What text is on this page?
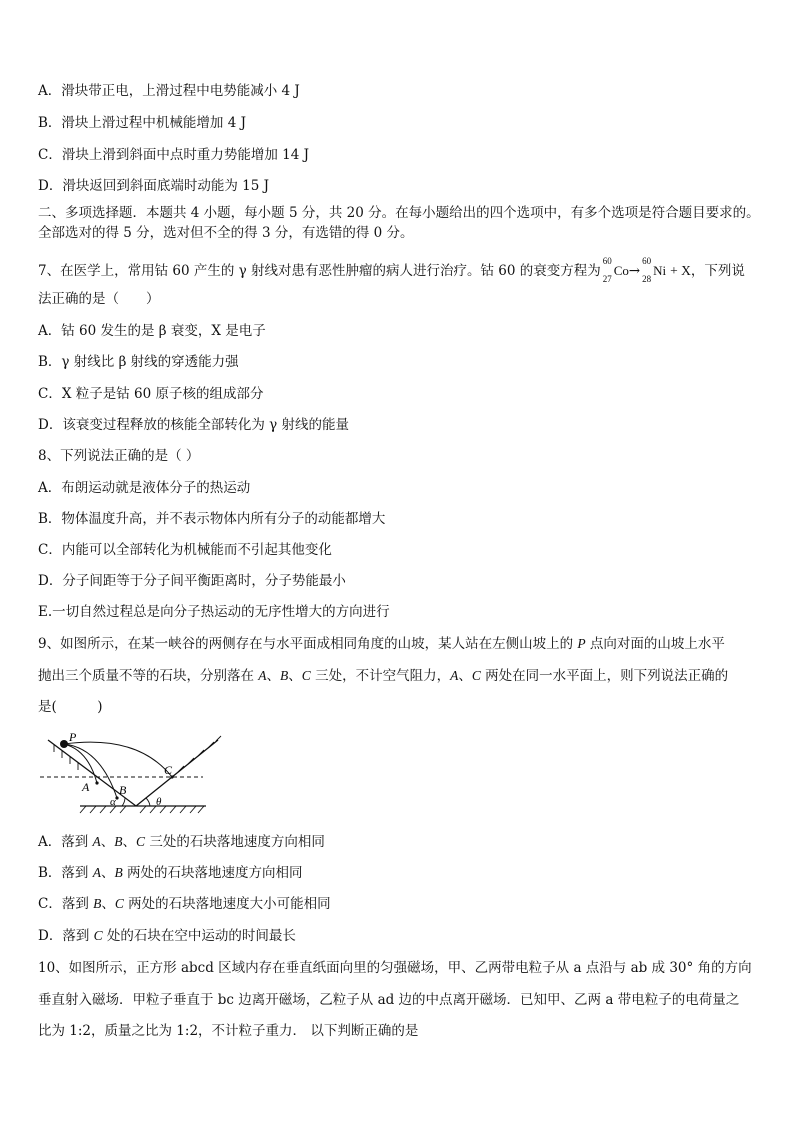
A．滑块带正电，上滑过程中电势能减小 4 J
B．滑块上滑过程中机械能增加 4 J
C．滑块上滑到斜面中点时重力势能增加 14 J
D．滑块返回到斜面底端时动能为 15 J
二、多项选择题．本题共 4 小题，每小题 5 分，共 20 分。在每小题给出的四个选项中，有多个选项是符合题目要求的。
全部选对的得 5 分，选对但不全的得 3 分，有选错的得 0 分。
7、在医学上，常用钴 60 产生的 γ 射线对患有恶性肿瘤的病人进行治疗。钴 60 的衰变方程为
60
27
Co→
60
28
Ni + X，下列说
法正确的是（　　）
A．钴 60 发生的是 β 衰变，X 是电子
B．γ 射线比 β 射线的穿透能力强
C．X 粒子是钴 60 原子核的组成部分
D．该衰变过程释放的核能全部转化为 γ 射线的能量
8、下列说法正确的是（ ）
A．布朗运动就是液体分子的热运动
B．物体温度升高，并不表示物体内所有分子的动能都增大
C．内能可以全部转化为机械能而不引起其他变化
D．分子间距等于分子间平衡距离时，分子势能最小
E.一切自然过程总是向分子热运动的无序性增大的方向进行
9、如图所示，在某一峡谷的两侧存在与水平面成相同角度的山坡，某人站在左侧山坡上的 P 点向对面的山坡上水平
抛出三个质量不等的石块，分别落在 A、B、C 三处，不计空气阻力，A、C 两处在同一水平面上，则下列说法正确的
是(　　　)
P
A B
C
α	θ
A．落到 A、B、C 三处的石块落地速度方向相同
B．落到 A、B 两处的石块落地速度方向相同
C．落到 B、C 两处的石块落地速度大小可能相同
D．落到 C 处的石块在空中运动的时间最长
10、如图所示，正方形 abcd 区域内存在垂直纸面向里的匀强磁场，甲、乙两带电粒子从 a 点沿与 ab 成 30° 角的方向
垂直射入磁场．甲粒子垂直于 bc 边离开磁场，乙粒子从 ad 边的中点离开磁场．已知甲、乙两 a 带电粒子的电荷量之
比为 1:2，质量之比为 1:2，不计粒子重力． 以下判断正确的是
